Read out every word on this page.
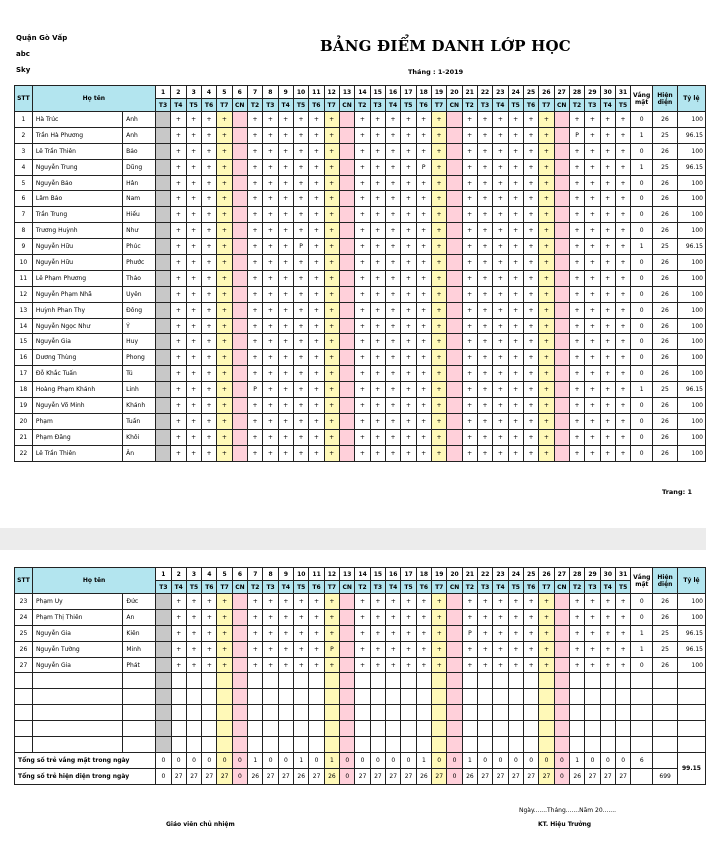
Quận Gò Vấp
abc
Sky
BẢNG ĐIỂM DANH LỚP HỌC
Tháng : 1-2019
STT	Họ tên		1	2	3	4	5	6	7	8	9	10	11	12	13	14	15	16	17	18	19	20	21	22	23	24	25	26	27	28	29	30	31	Vắng mặt	Hiện diện	Tỷ lệ
			T3	T4	T5	T6	T7	CN	T2	T3	T4	T5	T6	T7	CN	T2	T3	T4	T5	T6	T7	CN	T2	T3	T4	T5	T6	T7	CN	T2	T3	T4	T5			
1	Hà Trúc	Anh		+	+	+	+		+	+	+	+	+	+		+	+	+	+	+	+		+	+	+	+	+	+		+	+	+	+	0	26	100
2	Trần Hà Phương	Anh		+	+	+	+		+	+	+	+	+	+		+	+	+	+	+	+		+	+	+	+	+	+		P	+	+	+	1	25	96.15
3	Lê Trần Thiên	Bảo		+	+	+	+		+	+	+	+	+	+		+	+	+	+	+	+		+	+	+	+	+	+		+	+	+	+	0	26	100
4	Nguyễn Trung	Dũng		+	+	+	+		+	+	+	+	+	+		+	+	+	+	P	+		+	+	+	+	+	+		+	+	+	+	1	25	96.15
5	Nguyễn Bảo	Hân		+	+	+	+		+	+	+	+	+	+		+	+	+	+	+	+		+	+	+	+	+	+		+	+	+	+	0	26	100
6	Lâm Bảo	Nam		+	+	+	+		+	+	+	+	+	+		+	+	+	+	+	+		+	+	+	+	+	+		+	+	+	+	0	26	100
7	Trần Trung	Hiếu		+	+	+	+		+	+	+	+	+	+		+	+	+	+	+	+		+	+	+	+	+	+		+	+	+	+	0	26	100
8	Trương Huỳnh	Như		+	+	+	+		+	+	+	+	+	+		+	+	+	+	+	+		+	+	+	+	+	+		+	+	+	+	0	26	100
9	Nguyễn Hữu	Phúc		+	+	+	+		+	+	+	P	+	+		+	+	+	+	+	+		+	+	+	+	+	+		+	+	+	+	1	25	96.15
10	Nguyễn Hữu	Phước		+	+	+	+		+	+	+	+	+	+		+	+	+	+	+	+		+	+	+	+	+	+		+	+	+	+	0	26	100
11	Lê Phạm Phương	Thảo		+	+	+	+		+	+	+	+	+	+		+	+	+	+	+	+		+	+	+	+	+	+		+	+	+	+	0	26	100
12	Nguyễn Phạm Nhã	Uyên		+	+	+	+		+	+	+	+	+	+		+	+	+	+	+	+		+	+	+	+	+	+		+	+	+	+	0	26	100
13	Huỳnh Phan Thy	Đông		+	+	+	+		+	+	+	+	+	+		+	+	+	+	+	+		+	+	+	+	+	+		+	+	+	+	0	26	100
14	Nguyễn Ngọc Như	Ý		+	+	+	+		+	+	+	+	+	+		+	+	+	+	+	+		+	+	+	+	+	+		+	+	+	+	0	26	100
15	Nguyễn Gia	Huy		+	+	+	+		+	+	+	+	+	+		+	+	+	+	+	+		+	+	+	+	+	+		+	+	+	+	0	26	100
16	Dương Thùng	Phong		+	+	+	+		+	+	+	+	+	+		+	+	+	+	+	+		+	+	+	+	+	+		+	+	+	+	0	26	100
17	Đỗ Khắc Tuấn	Tú		+	+	+	+		+	+	+	+	+	+		+	+	+	+	+	+		+	+	+	+	+	+		+	+	+	+	0	26	100
18	Hoàng Phạm Khánh	Linh		+	+	+	+		P	+	+	+	+	+		+	+	+	+	+	+		+	+	+	+	+	+		+	+	+	+	1	25	96.15
19	Nguyễn Võ Minh	Khánh		+	+	+	+		+	+	+	+	+	+		+	+	+	+	+	+		+	+	+	+	+	+		+	+	+	+	0	26	100
20	Phạm	Tuấn		+	+	+	+		+	+	+	+	+	+		+	+	+	+	+	+		+	+	+	+	+	+		+	+	+	+	0	26	100
21	Phạm Đăng	Khôi		+	+	+	+		+	+	+	+	+	+		+	+	+	+	+	+		+	+	+	+	+	+		+	+	+	+	0	26	100
22	Lê Trần Thiên	Ân		+	+	+	+		+	+	+	+	+	+		+	+	+	+	+	+		+	+	+	+	+	+		+	+	+	+	0	26	100
Trang: 1
STT	Họ tên		1	2	3	4	5	6	7	8	9	10	11	12	13	14	15	16	17	18	19	20	21	22	23	24	25	26	27	28	29	30	31	Vắng mặt	Hiện diện	Tỷ lệ
			T3	T4	T5	T6	T7	CN	T2	T3	T4	T5	T6	T7	CN	T2	T3	T4	T5	T6	T7	CN	T2	T3	T4	T5	T6	T7	CN	T2	T3	T4	T5			
23	Phạm Uy	Đức		+	+	+	+		+	+	+	+	+	+		+	+	+	+	+	+		+	+	+	+	+	+		+	+	+	+	0	26	100
24	Phạm Thị Thiên	An		+	+	+	+		+	+	+	+	+	+		+	+	+	+	+	+		+	+	+	+	+	+		+	+	+	+	0	26	100
25	Nguyễn Gia	Kiên		+	+	+	+		+	+	+	+	+	+		+	+	+	+	+	+		P	+	+	+	+	+		+	+	+	+	1	25	96.15
26	Nguyễn Tường	Minh		+	+	+	+		+	+	+	+	+	P		+	+	+	+	+	+		+	+	+	+	+	+		+	+	+	+	1	25	96.15
27	Nguyễn Gia	Phát		+	+	+	+		+	+	+	+	+	+		+	+	+	+	+	+		+	+	+	+	+	+		+	+	+	+	0	26	100

Tổng số trẻ vắng mặt trong ngày			0	0	0	0	0	0	1	0	0	1	0	1	0	0	0	0	0	1	0	0	1	0	0	0	0	0	0	1	0	0	0	6		99.15
Tổng số trẻ hiện diện trong ngày			0	27	27	27	27	0	26	27	27	26	27	26	0	27	27	27	27	26	27	0	26	27	27	27	27	27	0	26	27	27	27		699	
Ngày.......Tháng.......Năm 20.......
Giáo viên chủ nhiệm	KT. Hiệu Trưởng
